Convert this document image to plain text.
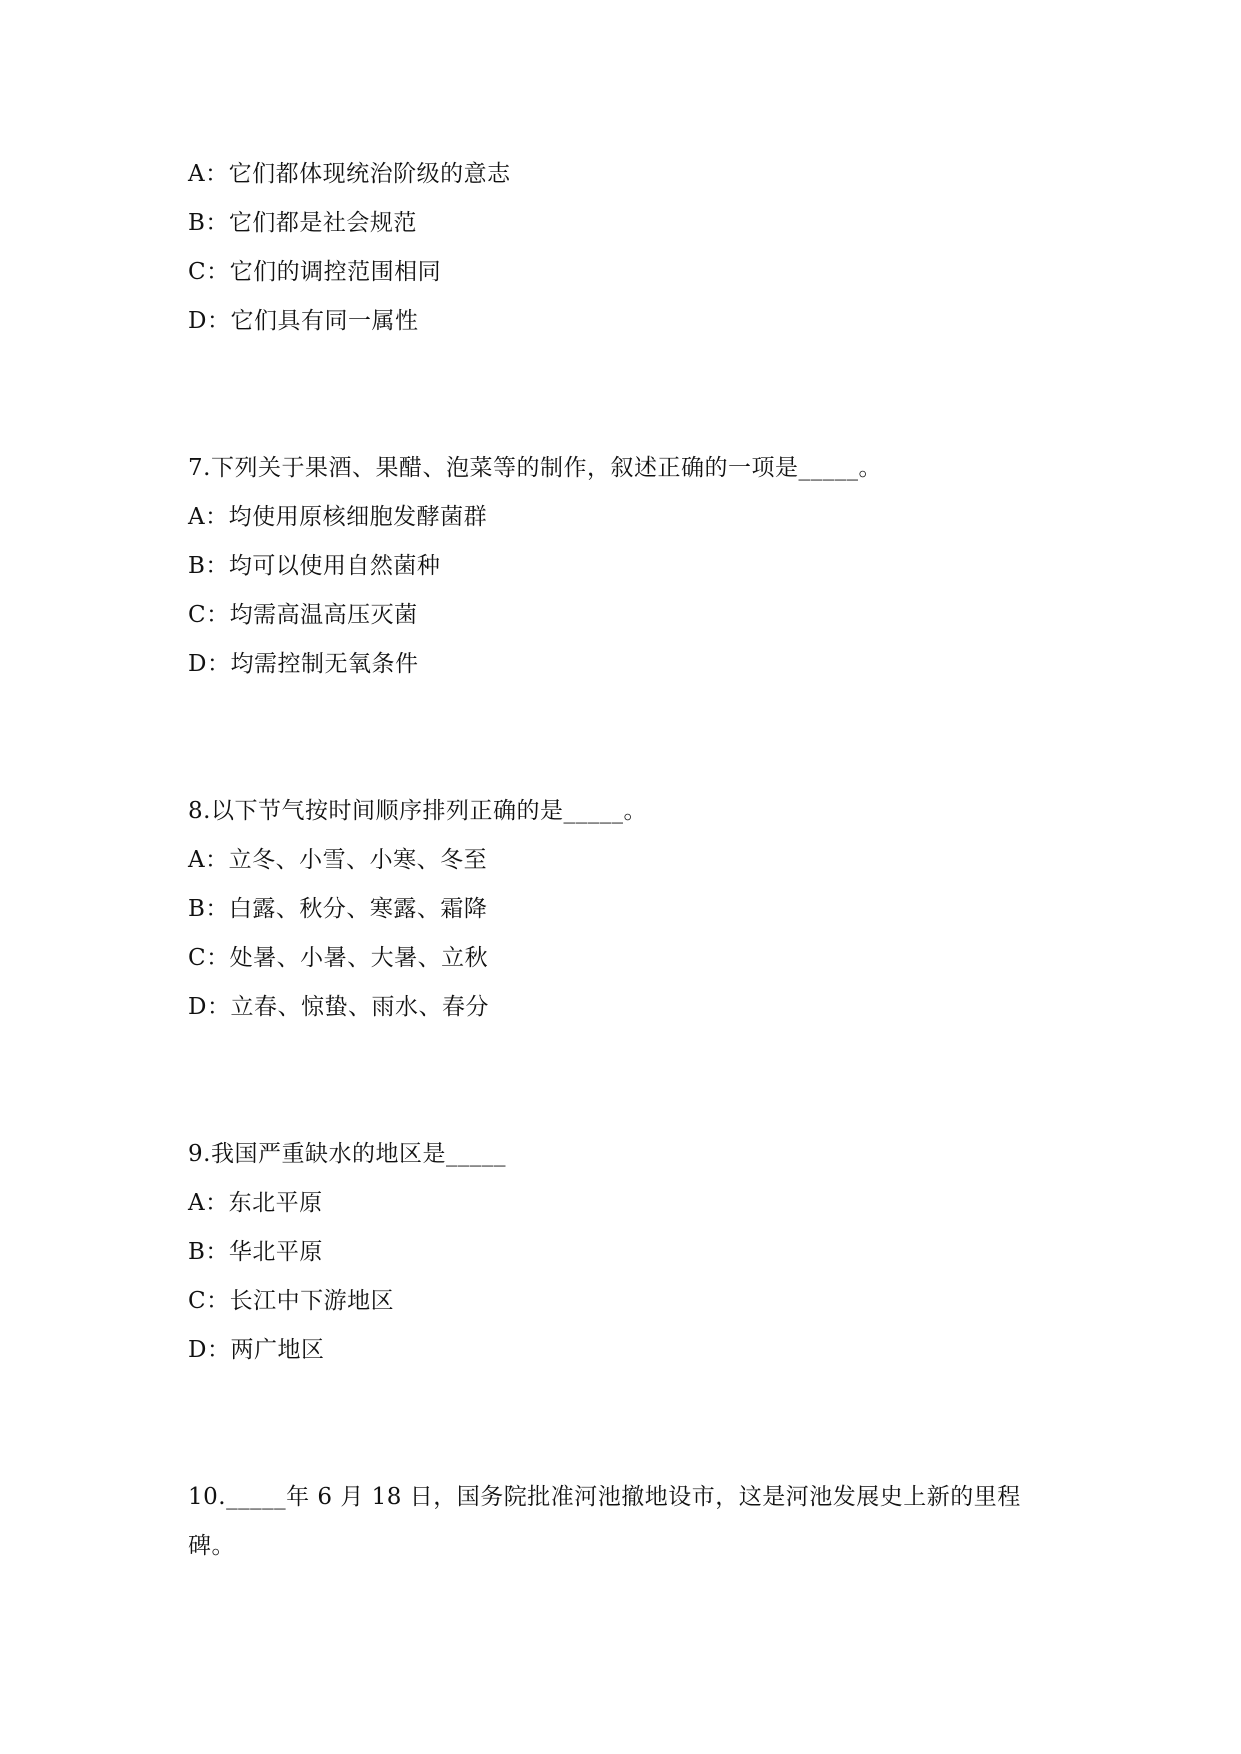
A：它们都体现统治阶级的意志
B：它们都是社会规范
C：它们的调控范围相同
D：它们具有同一属性
7.下列关于果酒、果醋、泡菜等的制作，叙述正确的一项是_____。
A：均使用原核细胞发酵菌群
B：均可以使用自然菌种
C：均需高温高压灭菌
D：均需控制无氧条件
8.以下节气按时间顺序排列正确的是_____。
A：立冬、小雪、小寒、冬至
B：白露、秋分、寒露、霜降
C：处暑、小暑、大暑、立秋
D：立春、惊蛰、雨水、春分
9.我国严重缺水的地区是_____
A：东北平原
B：华北平原
C：长江中下游地区
D：两广地区
10._____年 6 月 18 日，国务院批准河池撤地设市，这是河池发展史上新的里程
碑。
